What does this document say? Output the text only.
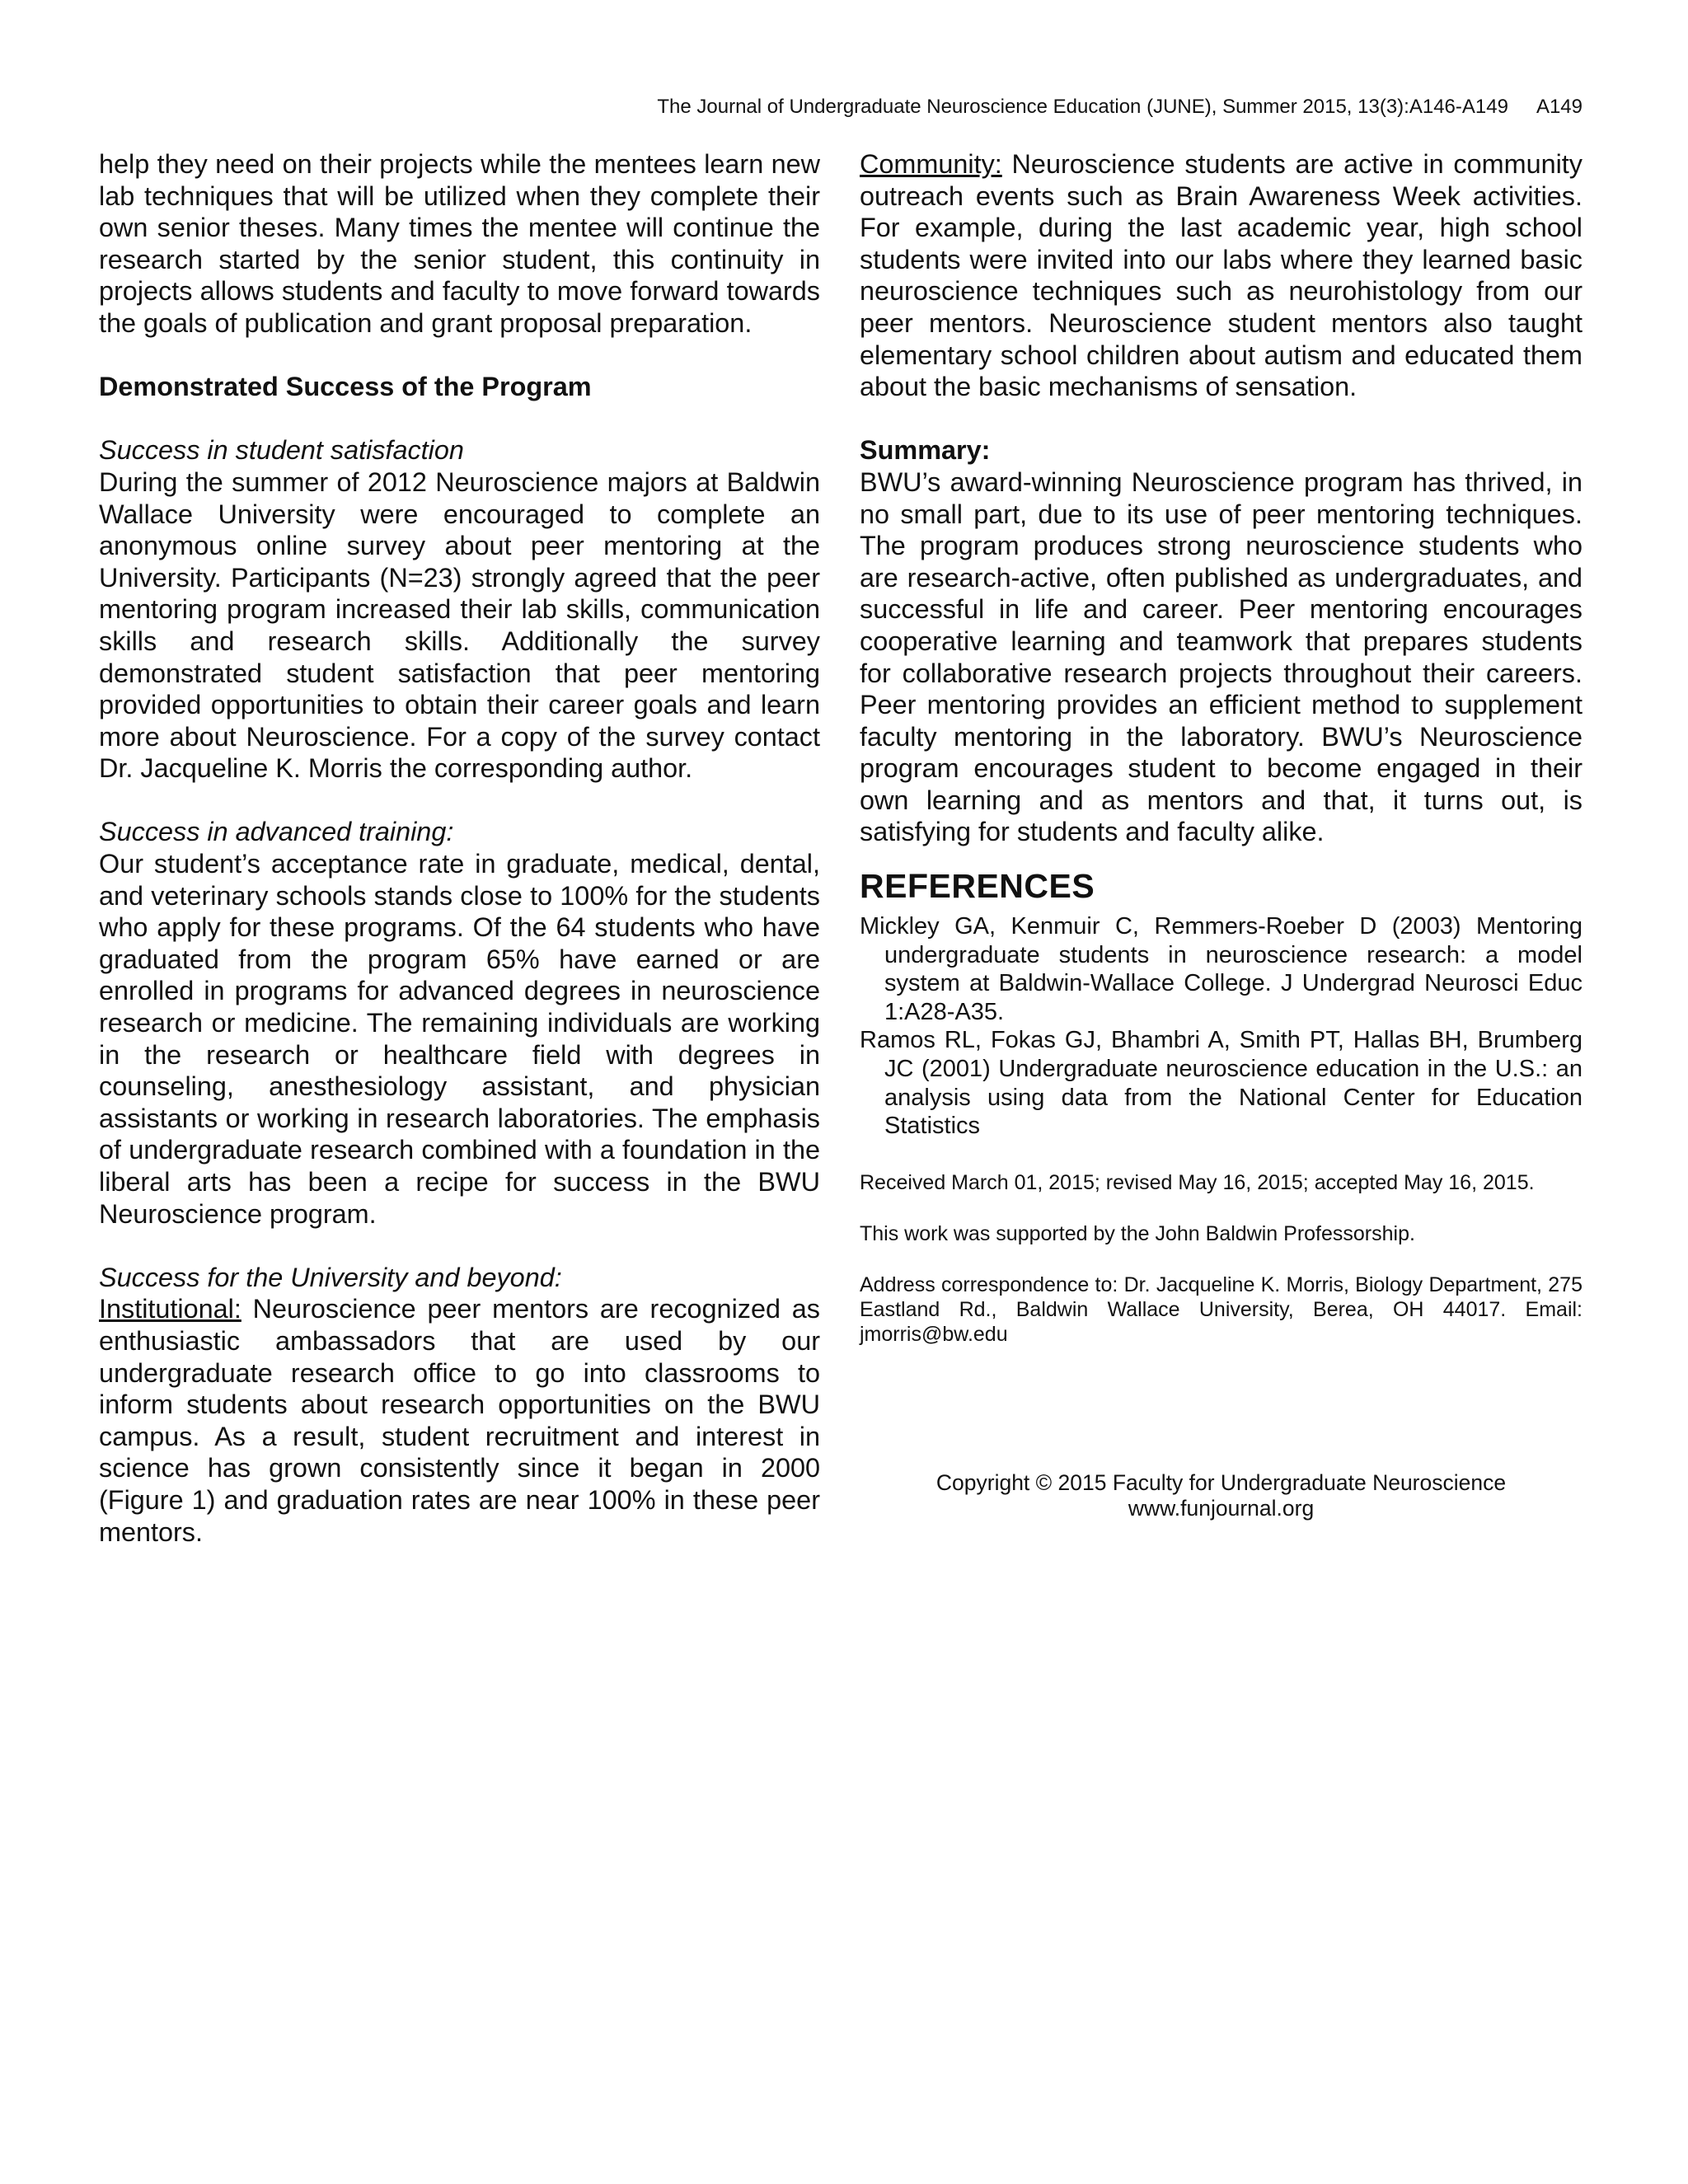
The Journal of Undergraduate Neuroscience Education (JUNE), Summer 2015, 13(3):A146-A149 A149

help they need on their projects while the mentees learn new lab techniques that will be utilized when they complete their own senior theses. Many times the mentee will continue the research started by the senior student, this continuity in projects allows students and faculty to move forward towards the goals of publication and grant proposal preparation.

Demonstrated Success of the Program

Success in student satisfaction

During the summer of 2012 Neuroscience majors at Baldwin Wallace University were encouraged to complete an anonymous online survey about peer mentoring at the University. Participants (N=23) strongly agreed that the peer mentoring program increased their lab skills, communication skills and research skills. Additionally the survey demonstrated student satisfaction that peer mentoring provided opportunities to obtain their career goals and learn more about Neuroscience. For a copy of the survey contact Dr. Jacqueline K. Morris the corresponding author.

Success in advanced training:

Our student’s acceptance rate in graduate, medical, dental, and veterinary schools stands close to 100% for the students who apply for these programs. Of the 64 students who have graduated from the program 65% have earned or are enrolled in programs for advanced degrees in neuroscience research or medicine. The remaining individuals are working in the research or healthcare field with degrees in counseling, anesthesiology assistant, and physician assistants or working in research laboratories. The emphasis of undergraduate research combined with a foundation in the liberal arts has been a recipe for success in the BWU Neuroscience program.

Success for the University and beyond:

Institutional: Neuroscience peer mentors are recognized as enthusiastic ambassadors that are used by our undergraduate research office to go into classrooms to inform students about research opportunities on the BWU campus. As a result, student recruitment and interest in science has grown consistently since it began in 2000 (Figure 1) and graduation rates are near 100% in these peer mentors.

Community: Neuroscience students are active in community outreach events such as Brain Awareness Week activities. For example, during the last academic year, high school students were invited into our labs where they learned basic neuroscience techniques such as neurohistology from our peer mentors. Neuroscience student mentors also taught elementary school children about autism and educated them about the basic mechanisms of sensation.

Summary:

BWU’s award-winning Neuroscience program has thrived, in no small part, due to its use of peer mentoring techniques. The program produces strong neuroscience students who are research-active, often published as undergraduates, and successful in life and career. Peer mentoring encourages cooperative learning and teamwork that prepares students for collaborative research projects throughout their careers. Peer mentoring provides an efficient method to supplement faculty mentoring in the laboratory. BWU’s Neuroscience program encourages student to become engaged in their own learning and as mentors and that, it turns out, is satisfying for students and faculty alike.

REFERENCES

Mickley GA, Kenmuir C, Remmers-Roeber D (2003) Mentoring undergraduate students in neuroscience research: a model system at Baldwin-Wallace College. J Undergrad Neurosci Educ 1:A28-A35.

Ramos RL, Fokas GJ, Bhambri A, Smith PT, Hallas BH, Brumberg JC (2001) Undergraduate neuroscience education in the U.S.: an analysis using data from the National Center for Education Statistics

Received March 01, 2015; revised May 16, 2015; accepted May 16, 2015.

This work was supported by the John Baldwin Professorship.

Address correspondence to: Dr. Jacqueline K. Morris, Biology Department, 275 Eastland Rd., Baldwin Wallace University, Berea, OH 44017. Email: jmorris@bw.edu

Copyright © 2015 Faculty for Undergraduate Neuroscience

www.funjournal.org
